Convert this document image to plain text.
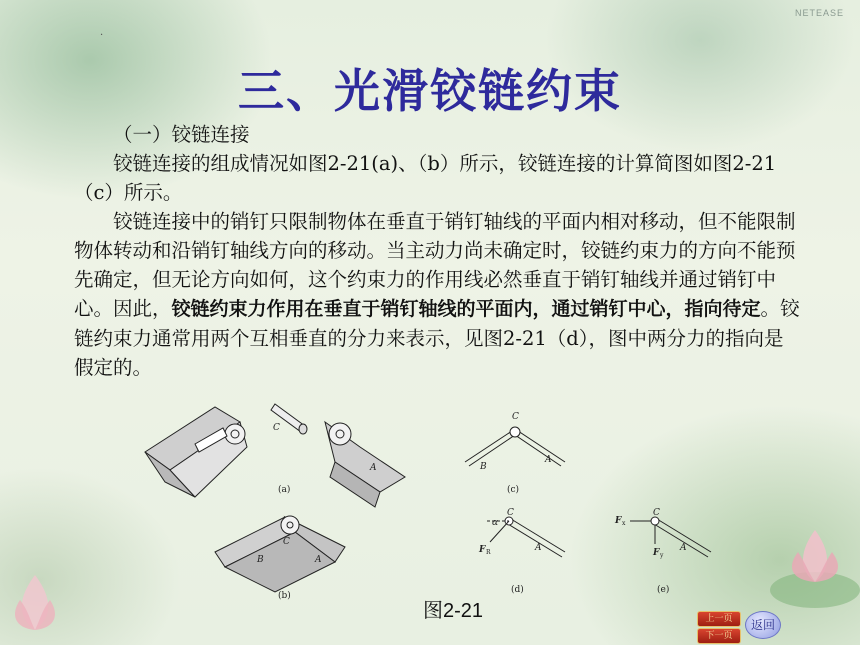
NETEASE
·
三、光滑铰链约束

（一）铰链连接

铰链连接的组成情况如图2-21(a)、（b）所示，铰链连接的计算简图如图2-21（c）所示。

铰链连接中的销钉只限制物体在垂直于销钉轴线的平面内相对移动，但不能限制物体转动和沿销钉轴线方向的移动。当主动力尚未确定时，铰链约束力的方向不能预先确定，但无论方向如何，这个约束力的作用线必然垂直于销钉轴线并通过销钉中心。因此，铰链约束力作用在垂直于销钉轴线的平面内，通过销钉中心，指向待定。铰链约束力通常用两个互相垂直的分力来表示，见图2-21（d），图中两分力的指向是假定的。

(a)	(c)
(b)
(d)	(e)
C
A
C
B
A
C
B	A
C
α
F R	A
C
F x
F y
A
图2-21	上一页
下一页
返回
